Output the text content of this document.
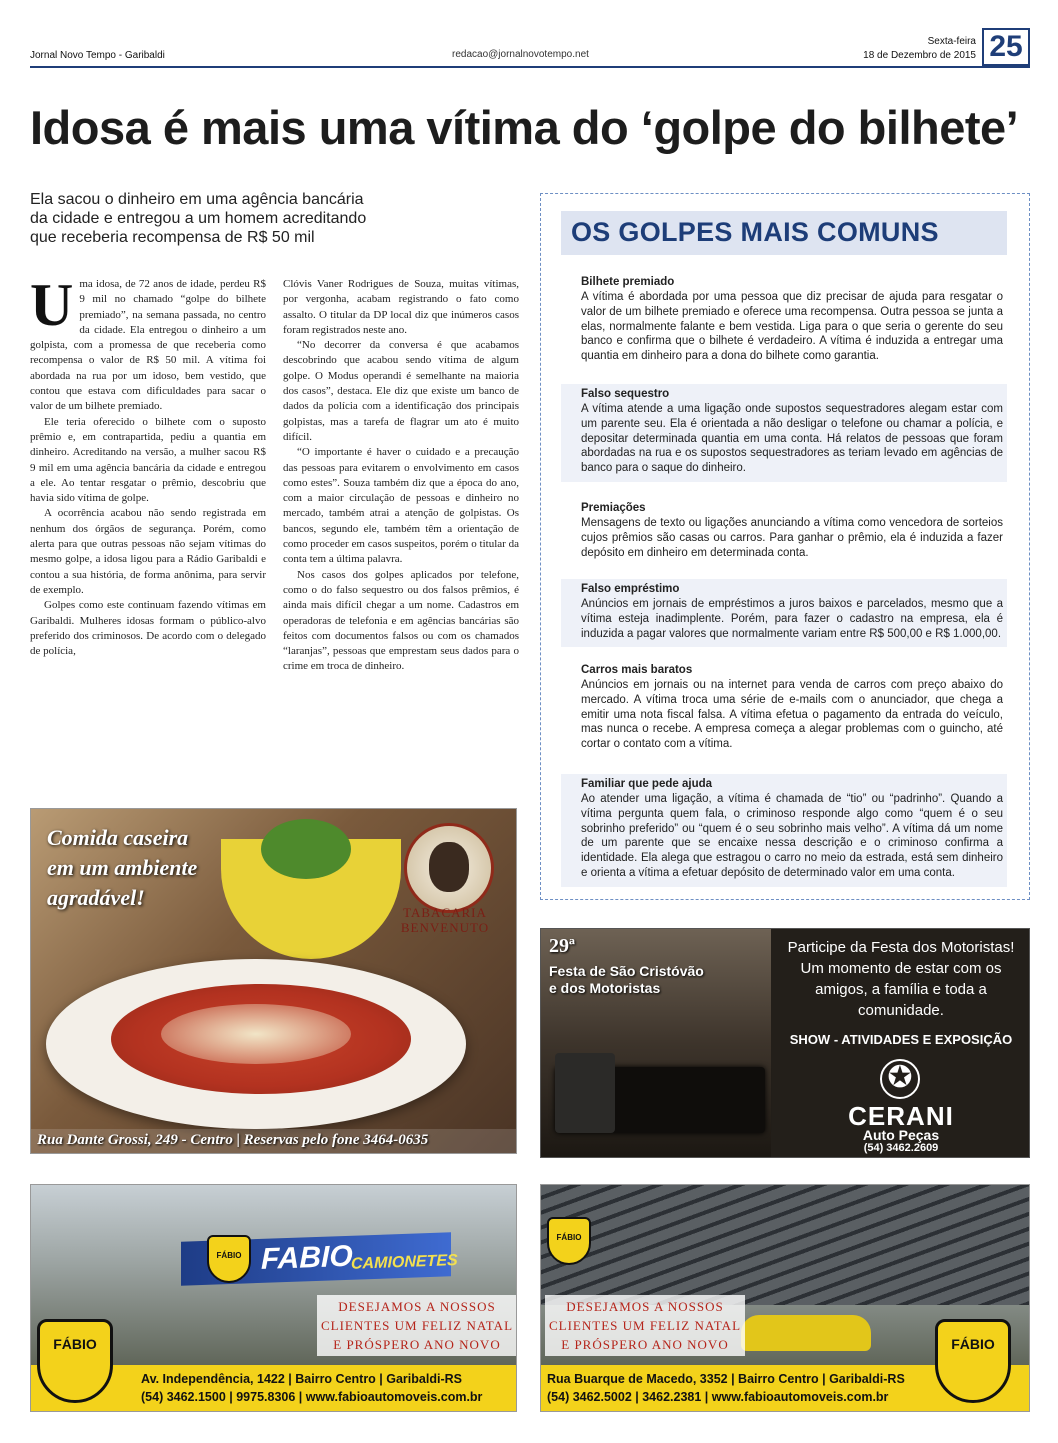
Jornal Novo Tempo - Garibaldi	redacao@jornalnovotempo.net
Sexta-feira
18 de Dezembro de 2015 25
Idosa é mais uma vítima do ‘golpe do bilhete’
Ela sacou o dinheiro em uma agência bancária
da cidade e entregou a um homem acreditando
que receberia recompensa de R$ 50 mil
U ma idosa, de 72 anos de idade, perdeu R$ 9 mil no chamado “golpe do bilhete premiado”, na semana passada, no centro da cidade. Ela entregou o dinheiro a um golpista, com a promessa de que receberia como recompensa o valor de R$ 50 mil. A vítima foi abordada na rua por um idoso, bem vestido, que contou que estava com dificuldades para sacar o valor de um bilhete premiado.

Ele teria oferecido o bilhete com o suposto prêmio e, em contrapartida, pediu a quantia em dinheiro. Acreditando na versão, a mulher sacou R$ 9 mil em uma agência bancária da cidade e entregou a ele. Ao tentar resgatar o prêmio, descobriu que havia sido vítima de golpe.

A ocorrência acabou não sendo registrada em nenhum dos órgãos de segurança. Porém, como alerta para que outras pessoas não sejam vítimas do mesmo golpe, a idosa ligou para a Rádio Garibaldi e contou a sua história, de forma anônima, para servir de exemplo.

Golpes como este continuam fazendo vítimas em Garibaldi. Mulheres idosas formam o público-alvo preferido dos criminosos. De acordo com o delegado de polícia,

Clóvis Vaner Rodrigues de Souza, muitas vítimas, por vergonha, acabam registrando o fato como assalto. O titular da DP local diz que inúmeros casos foram registrados neste ano.

“No decorrer da conversa é que acabamos descobrindo que acabou sendo vítima de algum golpe. O Modus operandi é semelhante na maioria dos casos”, destaca. Ele diz que existe um banco de dados da polícia com a identificação dos principais golpistas, mas a tarefa de flagrar um ato é muito difícil.

“O importante é haver o cuidado e a precaução das pessoas para evitarem o envolvimento em casos como estes”. Souza também diz que a época do ano, com a maior circulação de pessoas e dinheiro no mercado, também atrai a atenção de golpistas. Os bancos, segundo ele, também têm a orientação de como proceder em casos suspeitos, porém o titular da conta tem a última palavra.

Nos casos dos golpes aplicados por telefone, como o do falso sequestro ou dos falsos prêmios, é ainda mais difícil chegar a um nome. Cadastros em operadoras de telefonia e em agências bancárias são feitos com documentos falsos ou com os chamados “laranjas”, pessoas que emprestam seus dados para o crime em troca de dinheiro.

OS GOLPES MAIS COMUNS
Bilhete premiado

A vítima é abordada por uma pessoa que diz precisar de ajuda para resgatar o valor de um bilhete premiado e oferece uma recompensa. Outra pessoa se junta a elas, normalmente falante e bem vestida. Liga para o que seria o gerente do seu banco e confirma que o bilhete é verdadeiro. A vítima é induzida a entregar uma quantia em dinheiro para a dona do bilhete como garantia.

Falso sequestro

A vítima atende a uma ligação onde supostos sequestradores alegam estar com um parente seu. Ela é orientada a não desligar o telefone ou chamar a polícia, e depositar determinada quantia em uma conta. Há relatos de pessoas que foram abordadas na rua e os supostos sequestradores as teriam levado em agências de banco para o saque do dinheiro.

Premiações

Mensagens de texto ou ligações anunciando a vítima como vencedora de sorteios cujos prêmios são casas ou carros. Para ganhar o prêmio, ela é induzida a fazer depósito em dinheiro em determinada conta.

Falso empréstimo

Anúncios em jornais de empréstimos a juros baixos e parcelados, mesmo que a vítima esteja inadimplente. Porém, para fazer o cadastro na empresa, ela é induzida a pagar valores que normalmente variam entre R$ 500,00 e R$ 1.000,00.

Carros mais baratos

Anúncios em jornais ou na internet para venda de carros com preço abaixo do mercado. A vítima troca uma série de e-mails com o anunciador, que chega a emitir uma nota fiscal falsa. A vítima efetua o pagamento da entrada do veículo, mas nunca o recebe. A empresa começa a alegar problemas com o guincho, até cortar o contato com a vítima.

Familiar que pede ajuda

Ao atender uma ligação, a vítima é chamada de “tio” ou “padrinho”. Quando a vítima pergunta quem fala, o criminoso responde algo como “quem é o seu sobrinho preferido” ou “quem é o seu sobrinho mais velho”. A vítima dá um nome de um parente que se encaixe nessa descrição e o criminoso confirma a identidade. Ela alega que estragou o carro no meio da estrada, está sem dinheiro e orienta a vítima a efetuar depósito de determinado valor em uma conta.

Comida caseira
em um ambiente
agradável!
TABACARIA
BENVENUTO
Rua Dante Grossi, 249 - Centro | Reservas pelo fone 3464-0635
29ª
Festa de São Cristóvão
e dos Motoristas
Participe da Festa dos Motoristas!
Um momento de estar com os
amigos, a família e toda a
comunidade.
SHOW - ATIVIDADES E EXPOSIÇÃO
✪
CERANI
Auto Peças
(54) 3462.2609
FABIO
CAMIONETES
FÁBIO
DESEJAMOS A NOSSOS
CLIENTES UM FELIZ NATAL
E PRÓSPERO ANO NOVO
Av. Independência, 1422 | Bairro Centro | Garibaldi-RS
(54) 3462.1500 | 9975.8306 | www.fabioautomoveis.com.br
FÁBIO
FÁBIO
DESEJAMOS A NOSSOS
CLIENTES UM FELIZ NATAL
E PRÓSPERO ANO NOVO
Rua Buarque de Macedo, 3352 | Bairro Centro | Garibaldi-RS
(54) 3462.5002 | 3462.2381 | www.fabioautomoveis.com.br
FÁBIO
